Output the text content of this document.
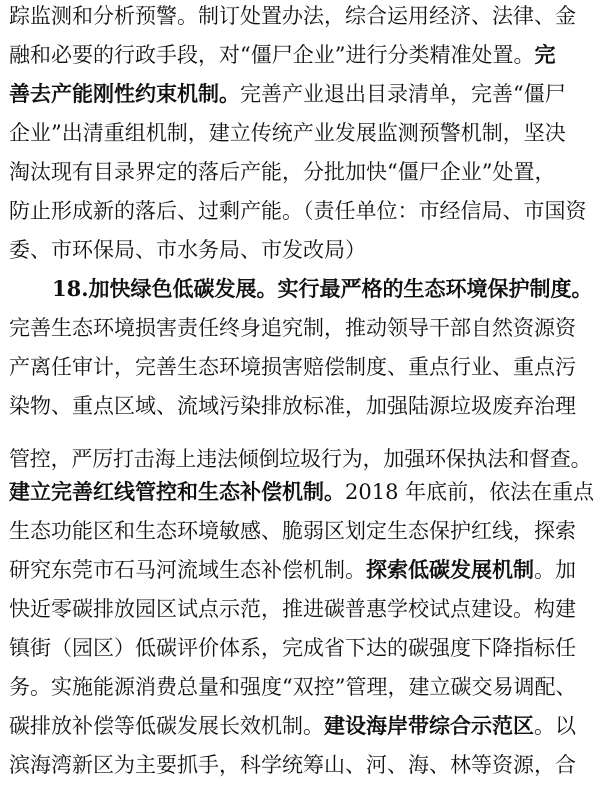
踪监测和分析预警。制订处置办法，综合运用经济、法律、金
融和必要的行政手段，对“僵尸企业”进行分类精准处置。完
善去产能刚性约束机制。完善产业退出目录清单，完善“僵尸
企业”出清重组机制，建立传统产业发展监测预警机制，坚决
淘汰现有目录界定的落后产能，分批加快“僵尸企业”处置，
防止形成新的落后、过剩产能。（责任单位：市经信局、市国资
委、市环保局、市水务局、市发改局）
18.加快绿色低碳发展。实行最严格的生态环境保护制度。
完善生态环境损害责任终身追究制，推动领导干部自然资源资
产离任审计，完善生态环境损害赔偿制度、重点行业、重点污
染物、重点区域、流域污染排放标准，加强陆源垃圾废弃治理
管控，严厉打击海上违法倾倒垃圾行为，加强环保执法和督查。
建立完善红线管控和生态补偿机制。2018 年底前，依法在重点
生态功能区和生态环境敏感、脆弱区划定生态保护红线，探索
研究东莞市石马河流域生态补偿机制。探索低碳发展机制。加
快近零碳排放园区试点示范，推进碳普惠学校试点建设。构建
镇街（园区）低碳评价体系，完成省下达的碳强度下降指标任
务。实施能源消费总量和强度“双控”管理，建立碳交易调配、
碳排放补偿等低碳发展长效机制。建设海岸带综合示范区。以
滨海湾新区为主要抓手，科学统筹山、河、海、林等资源，合
